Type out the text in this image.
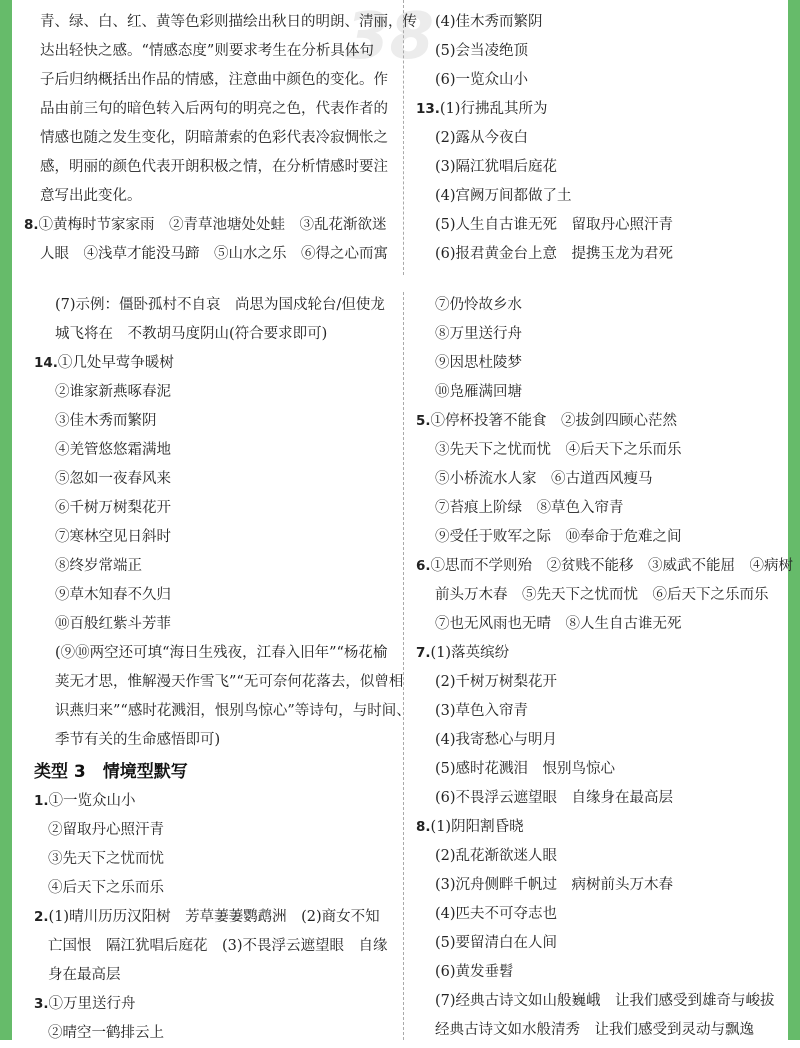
38
青、绿、白、红、黄等色彩则描绘出秋日的明朗、清丽，传
达出轻快之感。“情感态度”则要求考生在分析具体句
子后归纳概括出作品的情感，注意曲中颜色的变化。作
品由前三句的暗色转入后两句的明亮之色，代表作者的
情感也随之发生变化，阴暗萧索的色彩代表冷寂惆怅之
感，明丽的颜色代表开朗积极之情，在分析情感时要注
意写出此变化。
8.①黄梅时节家家雨　②青草池塘处处蛙　③乱花渐欲迷
人眼　④浅草才能没马蹄　⑤山水之乐　⑥得之心而寓
(4)佳木秀而繁阴
(5)会当凌绝顶
(6)一览众山小
13.(1)行拂乱其所为
(2)露从今夜白
(3)隔江犹唱后庭花
(4)宫阙万间都做了土
(5)人生自古谁无死　留取丹心照汗青
(6)报君黄金台上意　提携玉龙为君死
(7)示例：僵卧孤村不自哀　尚思为国戍轮台/但使龙
城飞将在　不教胡马度阴山(符合要求即可)
14.①几处早莺争暖树
②谁家新燕啄春泥
③佳木秀而繁阴
④羌管悠悠霜满地
⑤忽如一夜春风来
⑥千树万树梨花开
⑦寒林空见日斜时
⑧终岁常端正
⑨草木知春不久归
⑩百般红紫斗芳菲
(⑨⑩两空还可填“海日生残夜，江春入旧年”“杨花榆
荚无才思，惟解漫天作雪飞”“无可奈何花落去，似曾相
识燕归来”“感时花溅泪，恨别鸟惊心”等诗句，与时间、
季节有关的生命感悟即可)
1.①一览众山小
②留取丹心照汗青
③先天下之忧而忧
④后天下之乐而乐
2.(1)晴川历历汉阳树　芳草萋萋鹦鹉洲　(2)商女不知
亡国恨　隔江犹唱后庭花　(3)不畏浮云遮望眼　自缘
身在最高层
3.①万里送行舟
②晴空一鹤排云上
⑦仍怜故乡水
⑧万里送行舟
⑨因思杜陵梦
⑩凫雁满回塘
5.①停杯投箸不能食　②拔剑四顾心茫然
③先天下之忧而忧　④后天下之乐而乐
⑤小桥流水人家　⑥古道西风瘦马
⑦苔痕上阶绿　⑧草色入帘青
⑨受任于败军之际　⑩奉命于危难之间
6.①思而不学则殆　②贫贱不能移　③威武不能屈　④病树
前头万木春　⑤先天下之忧而忧　⑥后天下之乐而乐
⑦也无风雨也无晴　⑧人生自古谁无死
7.(1)落英缤纷
(2)千树万树梨花开
(3)草色入帘青
(4)我寄愁心与明月
(5)感时花溅泪　恨别鸟惊心
(6)不畏浮云遮望眼　自缘身在最高层
8.(1)阴阳割昏晓
(2)乱花渐欲迷人眼
(3)沉舟侧畔千帆过　病树前头万木春
(4)匹夫不可夺志也
(5)要留清白在人间
(6)黄发垂髫
(7)经典古诗文如山般巍峨　让我们感受到雄奇与峻拔
经典古诗文如水般清秀　让我们感受到灵动与飘逸
类型 3　情境型默写
